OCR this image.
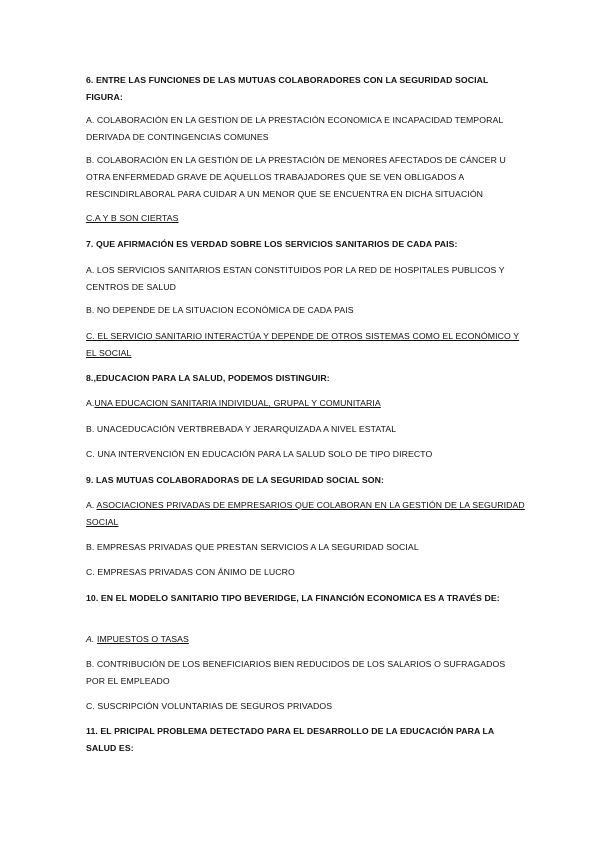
6. ENTRE LAS FUNCIONES DE LAS MUTUAS COLABORADORES CON LA SEGURIDAD SOCIAL FIGURA:

A. COLABORACIÓN EN LA GESTION DE LA PRESTACIÓN ECONOMICA E INCAPACIDAD TEMPORAL DERIVADA DE CONTINGENCIAS COMUNES

B. COLABORACIÓN EN LA GESTIÓN DE LA PRESTACIÓN DE MENORES AFECTADOS DE CÁNCER U OTRA ENFERMEDAD GRAVE DE AQUELLOS TRABAJADORES QUE SE VEN OBLIGADOS A RESCINDIRLABORAL PARA CUIDAR A UN MENOR QUE SE ENCUENTRA EN DICHA SITUACIÓN

C.A Y B SON CIERTAS

7. QUE AFIRMACIÓN ES VERDAD SOBRE LOS SERVICIOS SANITARIOS DE CADA PAIS:

A. LOS SERVICIOS SANITARIOS ESTAN CONSTITUIDOS POR LA RED DE HOSPITALES PUBLICOS Y CENTROS DE SALUD

B. NO DEPENDE DE LA SITUACION ECONÓMICA DE CADA PAIS

C. EL SERVICIO SANITARIO INTERACTÚA Y DEPENDE DE OTROS SISTEMAS COMO EL ECONÓMICO Y EL SOCIAL

8.,EDUCACION PARA LA SALUD, PODEMOS DISTINGUIR:

A.UNA EDUCACION SANITARIA INDIVIDUAL, GRUPAL Y COMUNITARIA

B. UNACEDUCACIÓN VERTBREBADA Y JERARQUIZADA A NIVEL ESTATAL

C. UNA INTERVENCIÓN EN EDUCACIÓN PARA LA SALUD SOLO DE TIPO DIRECTO

9. LAS MUTUAS COLABORADORAS DE LA SEGURIDAD SOCIAL SON:

A. ASOCIACIONES PRIVADAS DE EMPRESARIOS QUE COLABORAN EN LA GESTIÓN DE LA SEGURIDAD SOCIAL

B. EMPRESAS PRIVADAS QUE PRESTAN SERVICIOS A LA SEGURIDAD SOCIAL

C. EMPRESAS PRIVADAS CON ÁNIMO DE LUCRO

10. EN EL MODELO SANITARIO TIPO BEVERIDGE, LA FINANCIÓN ECONOMICA ES A TRAVÉS DE:

A. IMPUESTOS O TASAS

B. CONTRIBUCIÓN DE LOS BENEFICIARIOS BIEN REDUCIDOS DE LOS SALARIOS O SUFRAGADOS POR EL EMPLEADO

C. SUSCRIPCIÓN VOLUNTARIAS DE SEGUROS PRIVADOS

11. EL PRICIPAL PROBLEMA DETECTADO PARA EL DESARROLLO DE LA EDUCACIÓN PARA LA SALUD ES:
